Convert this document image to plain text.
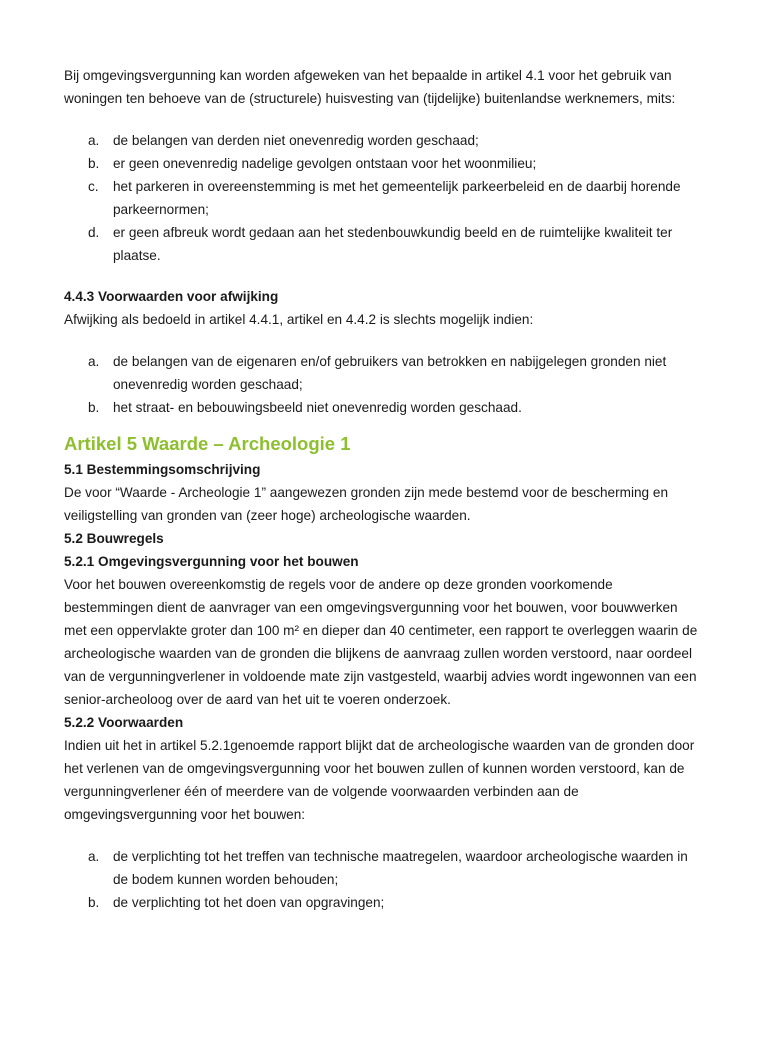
Bij omgevingsvergunning kan worden afgeweken van het bepaalde in artikel 4.1 voor het gebruik van woningen ten behoeve van de (structurele) huisvesting van (tijdelijke) buitenlandse werknemers, mits:

a. de belangen van derden niet onevenredig worden geschaad;
b. er geen onevenredig nadelige gevolgen ontstaan voor het woonmilieu;
c. het parkeren in overeenstemming is met het gemeentelijk parkeerbeleid en de daarbij horende parkeernormen;
d. er geen afbreuk wordt gedaan aan het stedenbouwkundig beeld en de ruimtelijke kwaliteit ter plaatse.
4.4.3 Voorwaarden voor afwijking

Afwijking als bedoeld in artikel 4.4.1, artikel en 4.4.2 is slechts mogelijk indien:

a. de belangen van de eigenaren en/of gebruikers van betrokken en nabijgelegen gronden niet onevenredig worden geschaad;
b. het straat- en bebouwingsbeeld niet onevenredig worden geschaad.
Artikel 5 Waarde – Archeologie 1
5.1 Bestemmingsomschrijving

De voor “Waarde - Archeologie 1” aangewezen gronden zijn mede bestemd voor de bescherming en veiligstelling van gronden van (zeer hoge) archeologische waarden.

5.2 Bouwregels
5.2.1 Omgevingsvergunning voor het bouwen

Voor het bouwen overeenkomstig de regels voor de andere op deze gronden voorkomende bestemmingen dient de aanvrager van een omgevingsvergunning voor het bouwen, voor bouwwerken met een oppervlakte groter dan 100 m² en dieper dan 40 centimeter, een rapport te overleggen waarin de archeologische waarden van de gronden die blijkens de aanvraag zullen worden verstoord, naar oordeel van de vergunningverlener in voldoende mate zijn vastgesteld, waarbij advies wordt ingewonnen van een senior-archeoloog over de aard van het uit te voeren onderzoek.

5.2.2 Voorwaarden

Indien uit het in artikel 5.2.1genoemde rapport blijkt dat de archeologische waarden van de gronden door het verlenen van de omgevingsvergunning voor het bouwen zullen of kunnen worden verstoord, kan de vergunningverlener één of meerdere van de volgende voorwaarden verbinden aan de omgevingsvergunning voor het bouwen:

a. de verplichting tot het treffen van technische maatregelen, waardoor archeologische waarden in de bodem kunnen worden behouden;
b. de verplichting tot het doen van opgravingen;
